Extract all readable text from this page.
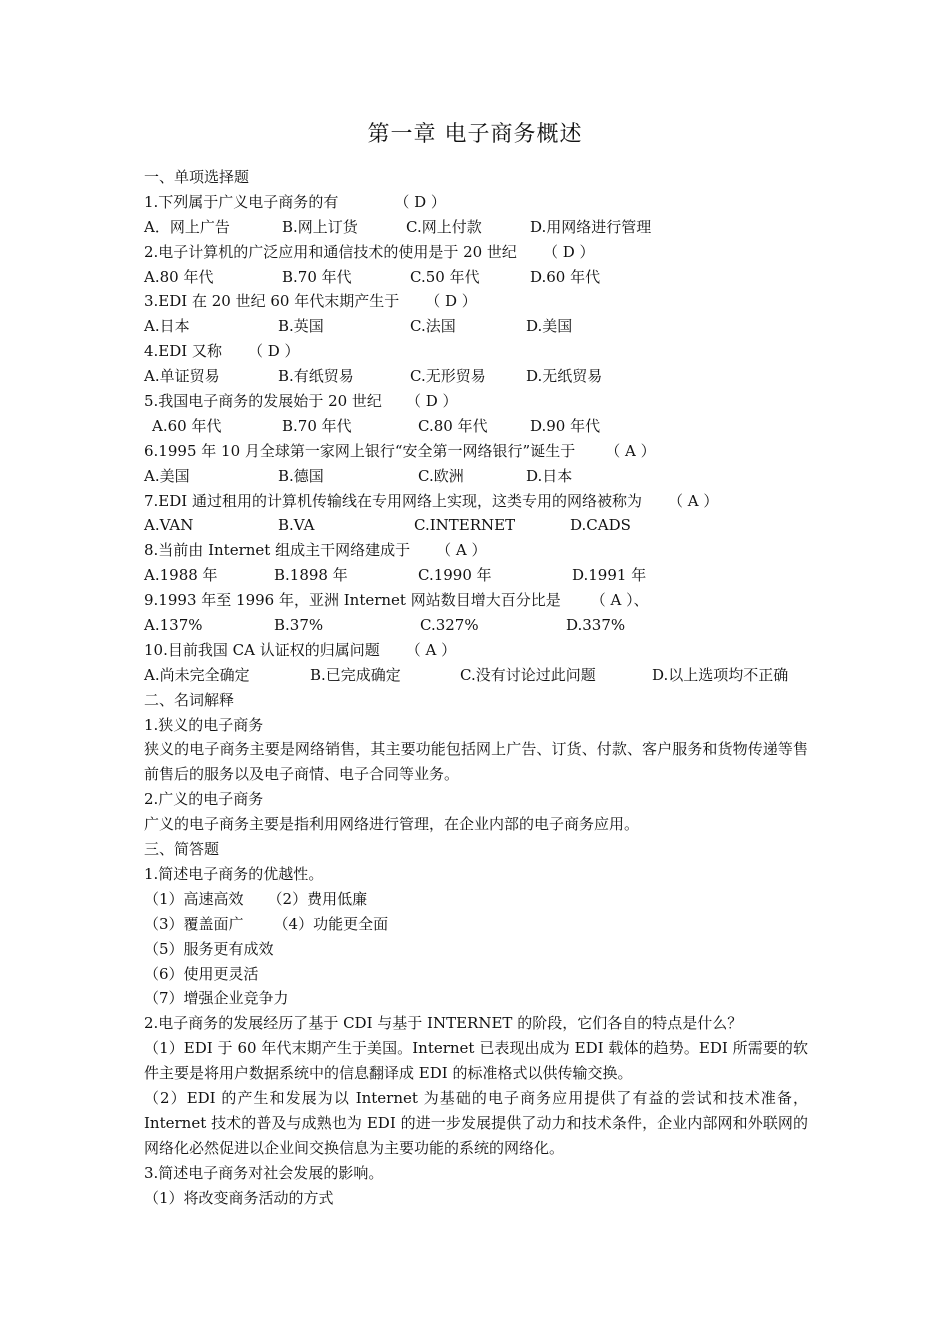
第一章 电子商务概述
一、单项选择题
1.下列属于广义电子商务的有	（ D ）
A．网上广告	B.网上订货	C.网上付款	D.用网络进行管理
2.电子计算机的广泛应用和通信技术的使用是于 20 世纪 （ D ）
A.80 年代	B.70 年代	C.50 年代	D.60 年代
3.EDI 在 20 世纪 60 年代末期产生于 （ D ）
A.日本	B.英国	C.法国	D.美国
4.EDI 又称 （ D ）
A.单证贸易	B.有纸贸易	C.无形贸易	D.无纸贸易
5.我国电子商务的发展始于 20 世纪 （ D ）
A.60 年代	B.70 年代	C.80 年代	D.90 年代
6.1995 年 10 月全球第一家网上银行“安全第一网络银行”诞生于 （ A ）
A.美国	B.德国	C.欧洲	D.日本
7.EDI 通过租用的计算机传输线在专用网络上实现，这类专用的网络被称为 （ A ）
A.VAN	B.VA	C.INTERNET	D.CADS
8.当前由 Internet 组成主干网络建成于 （ A ）
A.1988 年	B.1898 年	C.1990 年	D.1991 年
9.1993 年至 1996 年，亚洲 Internet 网站数目增大百分比是 （ A ）、
A.137%	B.37%	C.327%	D.337%
10.目前我国 CA 认证权的归属问题 （ A ）
A.尚未完全确定	B.已完成确定	C.没有讨论过此问题	D.以上选项均不正确
二、名词解释
1.狭义的电子商务
狭义的电子商务主要是网络销售，其主要功能包括网上广告、订货、付款、客户服务和货物传递等售前售后的服务以及电子商情、电子合同等业务。
2.广义的电子商务
广义的电子商务主要是指利用网络进行管理，在企业内部的电子商务应用。
三、简答题
1.简述电子商务的优越性。
（1）高速高效 （2）费用低廉
（3）覆盖面广 （4）功能更全面
（5）服务更有成效
（6）使用更灵活
（7）增强企业竞争力
2.电子商务的发展经历了基于 CDI 与基于 INTERNET 的阶段，它们各自的特点是什么？
（1）EDI 于 60 年代末期产生于美国。Internet 已表现出成为 EDI 载体的趋势。EDI 所需要的软件主要是将用户数据系统中的信息翻译成 EDI 的标准格式以供传输交换。
（2）EDI 的产生和发展为以 Internet 为基础的电子商务应用提供了有益的尝试和技术准备，Internet 技术的普及与成熟也为 EDI 的进一步发展提供了动力和技术条件，企业内部网和外联网的网络化必然促进以企业间交换信息为主要功能的系统的网络化。
3.简述电子商务对社会发展的影响。
（1）将改变商务活动的方式
